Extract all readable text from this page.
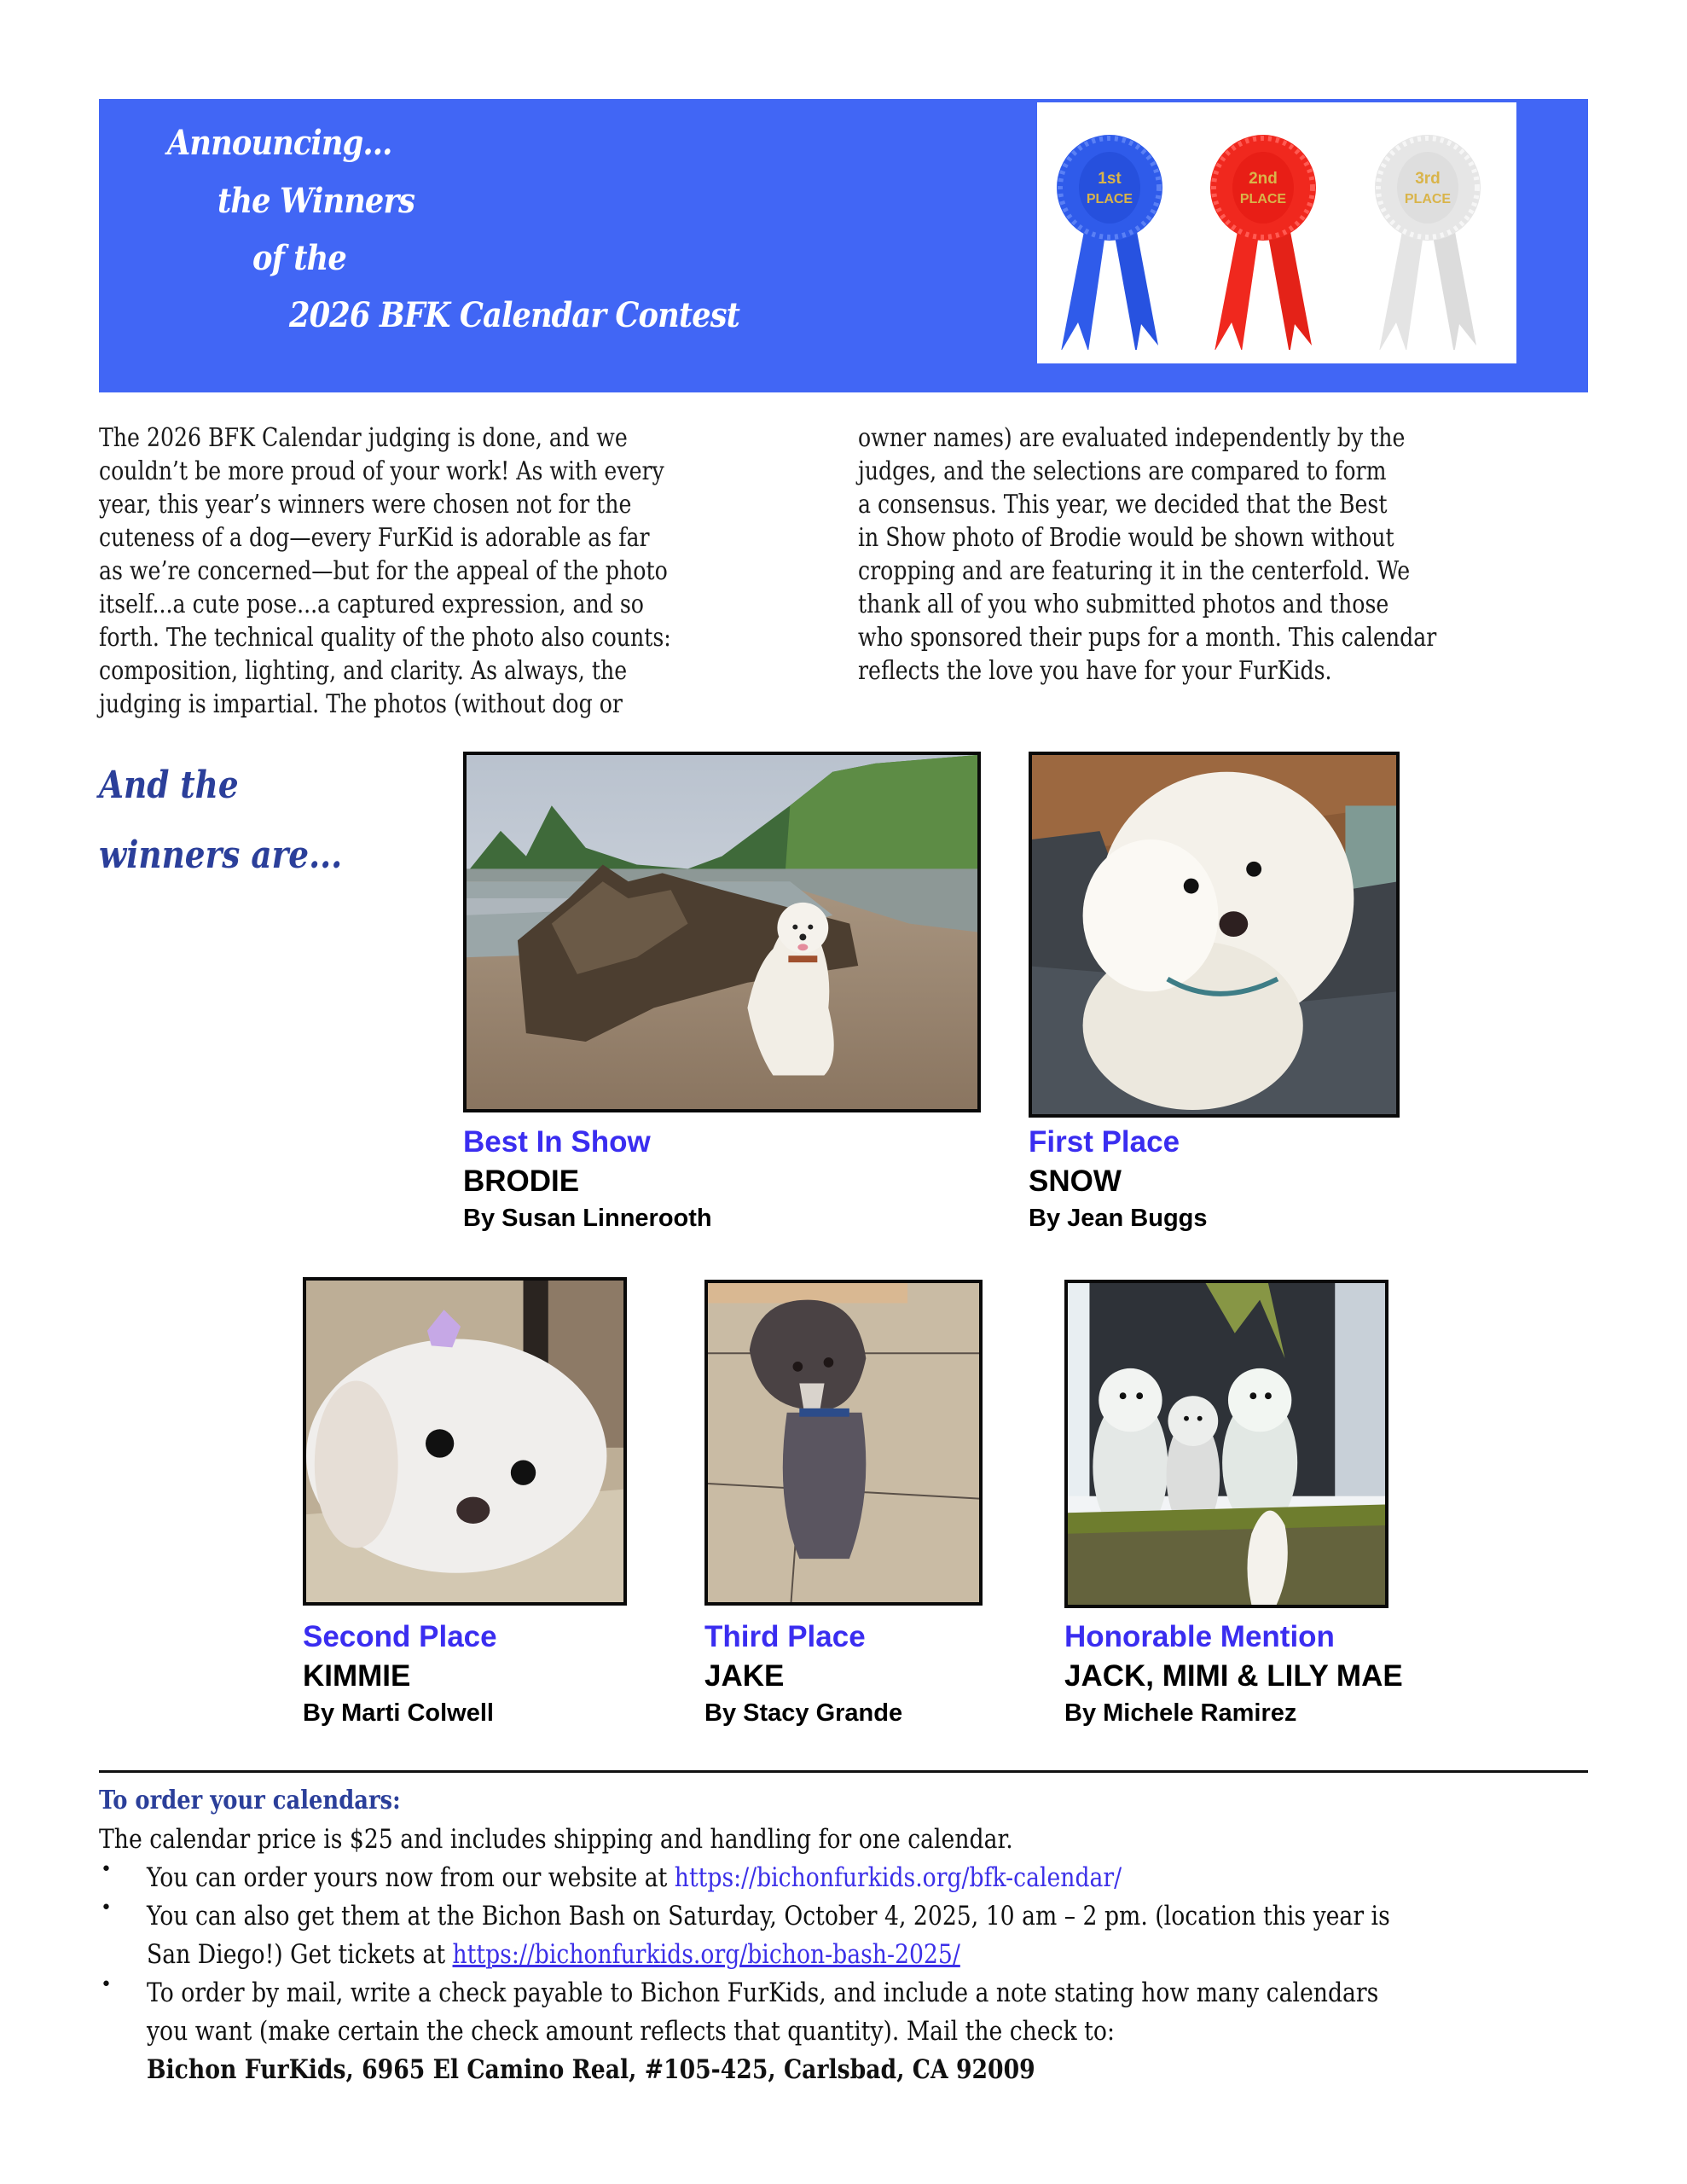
Announcing...
the Winners
of the
2026 BFK Calendar Contest
1st
PLACE
2nd
PLACE
3rd
PLACE
The 2026 BFK Calendar judging is done, and we
couldn’t be more proud of your work! As with every
year, this year’s winners were chosen not for the
cuteness of a dog—every FurKid is adorable as far
as we’re concerned—but for the appeal of the photo
itself...a cute pose...a captured expression, and so
forth. The technical quality of the photo also counts:
composition, lighting, and clarity. As always, the
judging is impartial. The photos (without dog or
owner names) are evaluated independently by the
judges, and the selections are compared to form
a consensus. This year, we decided that the Best
in Show photo of Brodie would be shown without
cropping and are featuring it in the centerfold. We
thank all of you who submitted photos and those
who sponsored their pups for a month. This calendar
reflects the love you have for your FurKids.
And the
winners are...
Best In Show
BRODIE
By Susan Linnerooth
First Place
SNOW
By Jean Buggs
Second Place
KIMMIE
By Marti Colwell
Third Place
JAKE
By Stacy Grande
Honorable Mention
JACK, MIMI & LILY MAE
By Michele Ramirez
To order your calendars:
The calendar price is $25 and includes shipping and handling for one calendar.
• You can order yours now from our website at https://bichonfurkids.org/bfk-calendar/
• You can also get them at the Bichon Bash on Saturday, October 4, 2025, 10 am – 2 pm. (location this year is
San Diego!) Get tickets at https://bichonfurkids.org/bichon-bash-2025/
• To order by mail, write a check payable to Bichon FurKids, and include a note stating how many calendars
you want (make certain the check amount reflects that quantity). Mail the check to:
Bichon FurKids, 6965 El Camino Real, #105-425, Carlsbad, CA 92009
